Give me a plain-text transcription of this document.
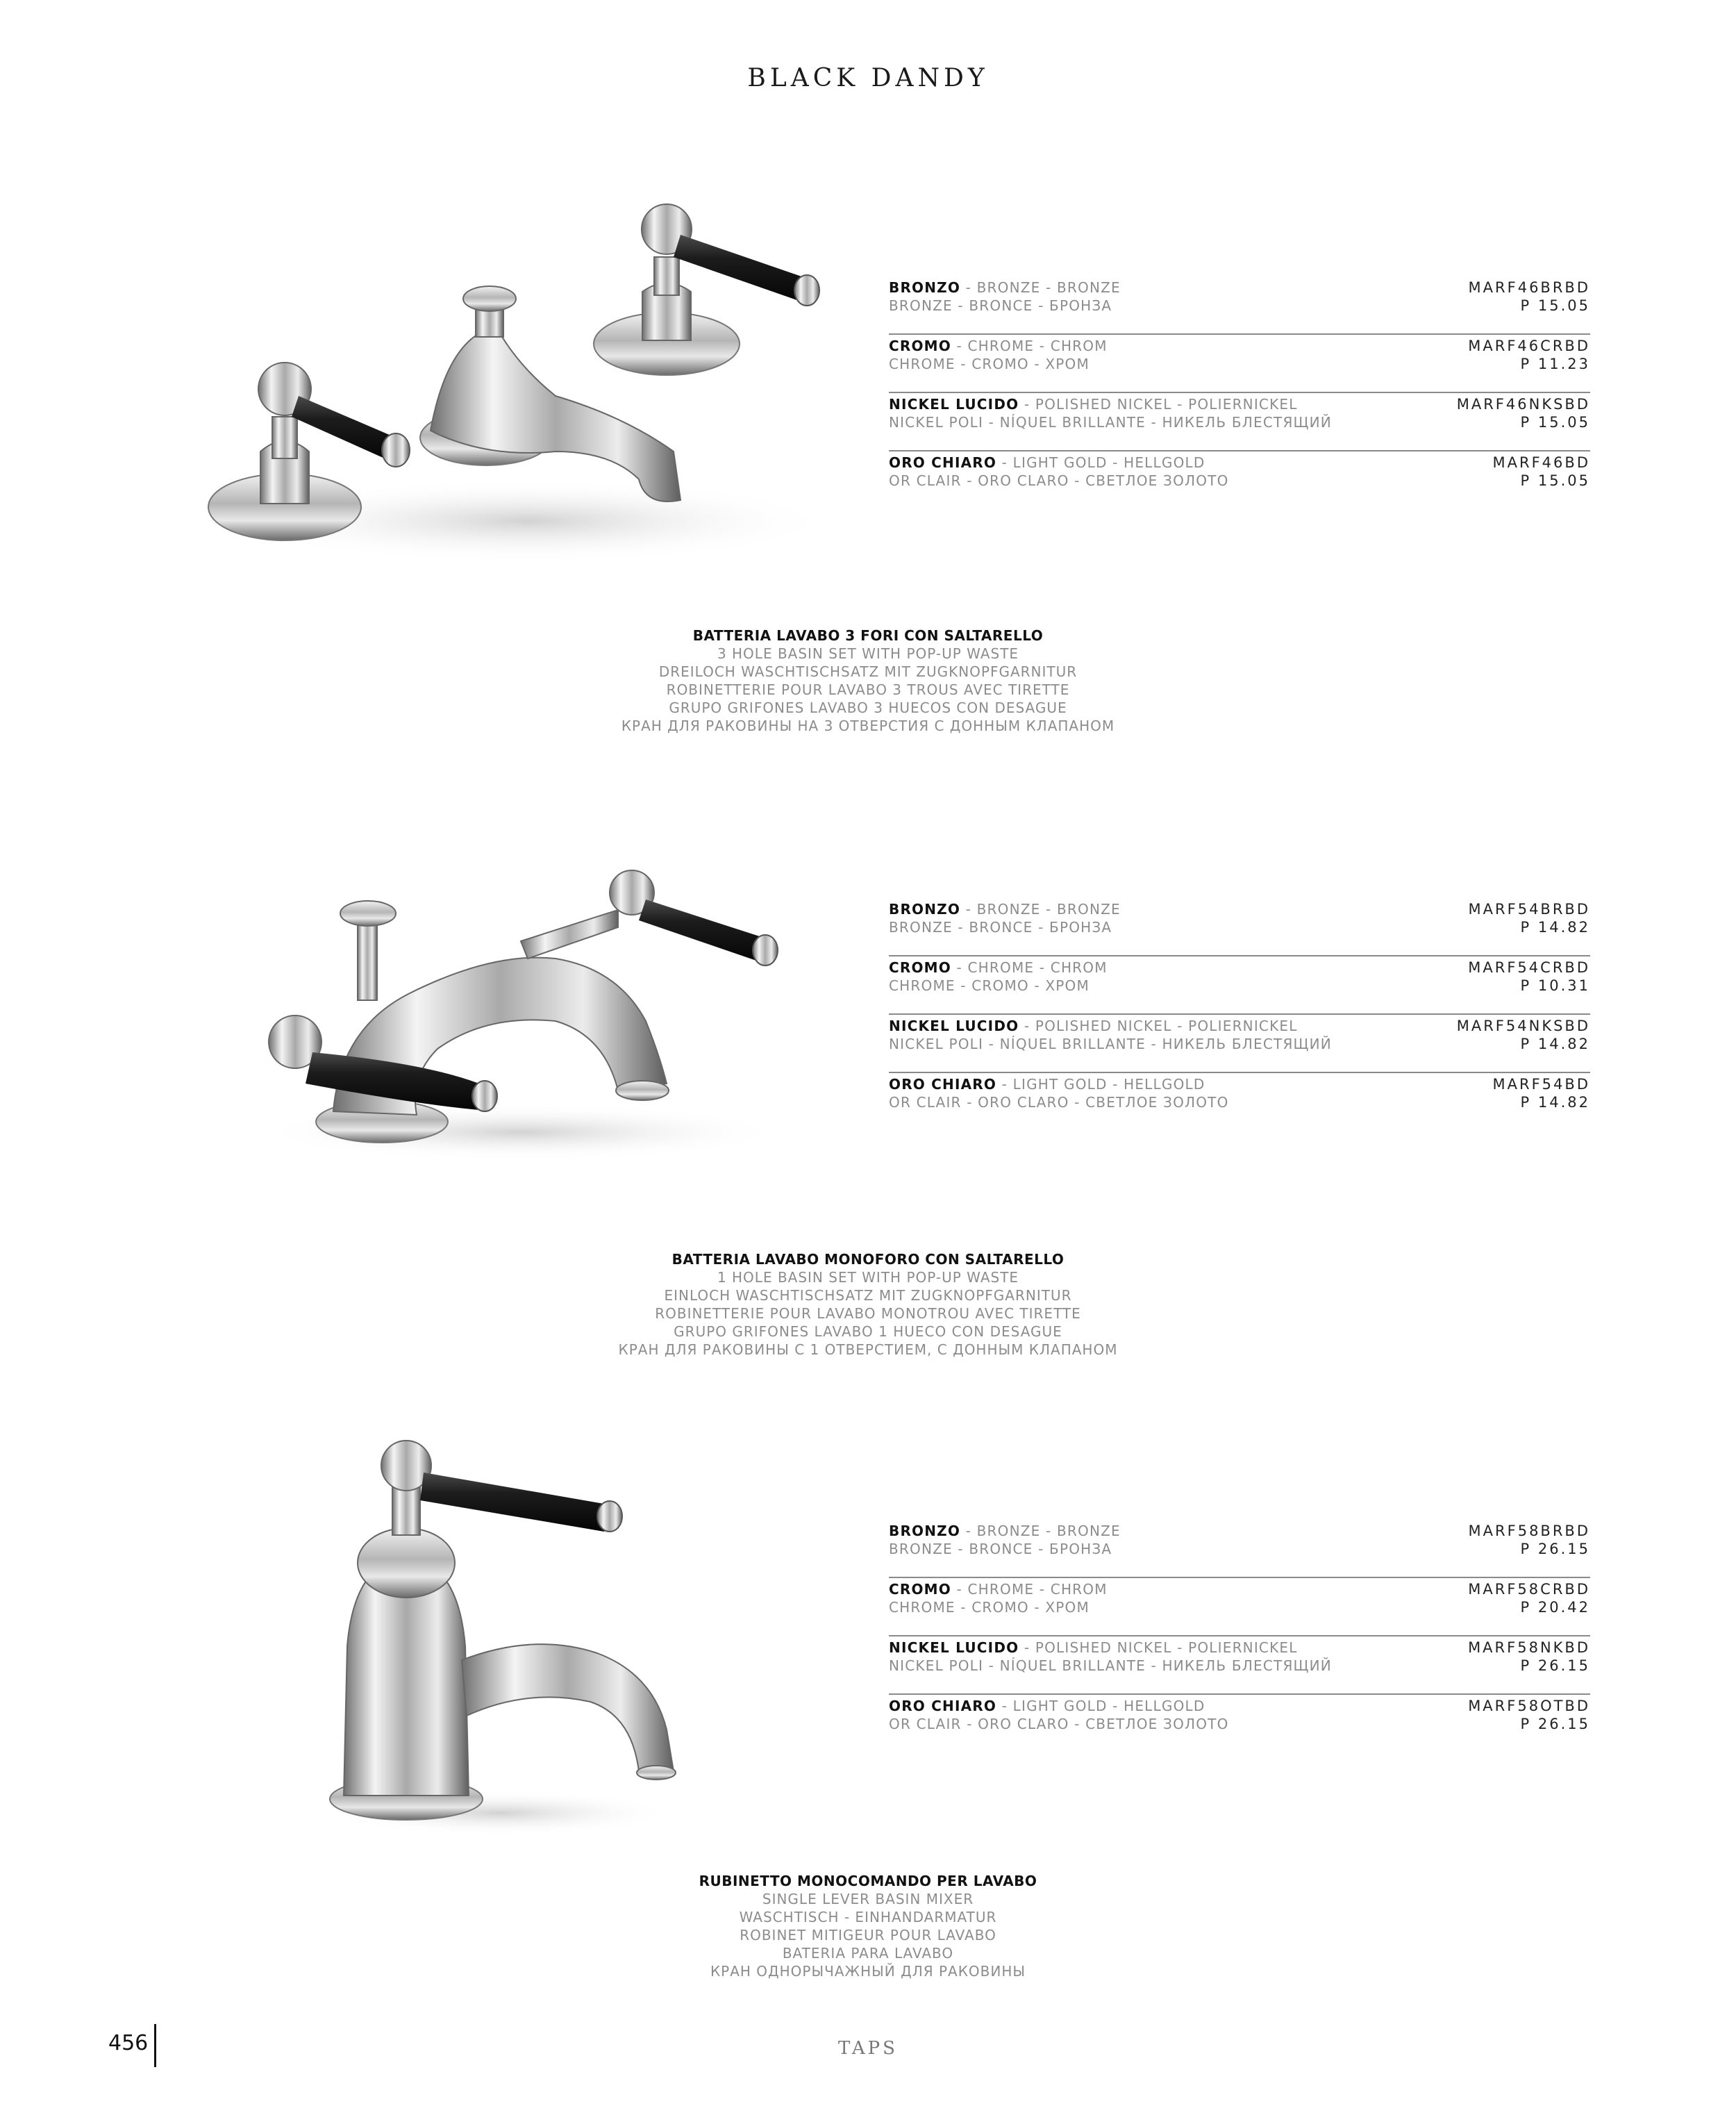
BLACK DANDY
BRONZO - BRONZE - BRONZE
BRONZE - BRONCE - БРОНЗА
MARF46BRBD
P 15.05
CROMO - CHROME - CHROM
CHROME - CROMO - ХРОМ
MARF46CRBD
P 11.23
NICKEL LUCIDO - POLISHED NICKEL - POLIERNICKEL
NICKEL POLI - NÍQUEL BRILLANTE - НИКЕЛЬ БЛЕСТЯЩИЙ
MARF46NKSBD
P 15.05
ORO CHIARO - LIGHT GOLD - HELLGOLD
OR CLAIR - ORO CLARO - СВЕТЛОЕ ЗОЛОТО
MARF46BD
P 15.05
BATTERIA LAVABO 3 FORI CON SALTARELLO
3 HOLE BASIN SET WITH POP-UP WASTE
DREILOCH WASCHTISCHSATZ MIT ZUGKNOPFGARNITUR
ROBINETTERIE POUR LAVABO 3 TROUS AVEC TIRETTE
GRUPO GRIFONES LAVABO 3 HUECOS CON DESAGUE
КРАН ДЛЯ РАКОВИНЫ НА 3 ОТВЕРСТИЯ С ДОННЫМ КЛАПАНОМ
BRONZO - BRONZE - BRONZE
BRONZE - BRONCE - БРОНЗА
MARF54BRBD
P 14.82
CROMO - CHROME - CHROM
CHROME - CROMO - ХРОМ
MARF54CRBD
P 10.31
NICKEL LUCIDO - POLISHED NICKEL - POLIERNICKEL
NICKEL POLI - NÍQUEL BRILLANTE - НИКЕЛЬ БЛЕСТЯЩИЙ
MARF54NKSBD
P 14.82
ORO CHIARO - LIGHT GOLD - HELLGOLD
OR CLAIR - ORO CLARO - СВЕТЛОЕ ЗОЛОТО
MARF54BD
P 14.82
BATTERIA LAVABO MONOFORO CON SALTARELLO
1 HOLE BASIN SET WITH POP-UP WASTE
EINLOCH WASCHTISCHSATZ MIT ZUGKNOPFGARNITUR
ROBINETTERIE POUR LAVABO MONOTROU AVEC TIRETTE
GRUPO GRIFONES LAVABO 1 HUECO CON DESAGUE
КРАН ДЛЯ РАКОВИНЫ С 1 ОТВЕРСТИЕМ, С ДОННЫМ КЛАПАНОМ
BRONZO - BRONZE - BRONZE
BRONZE - BRONCE - БРОНЗА
MARF58BRBD
P 26.15
CROMO - CHROME - CHROM
CHROME - CROMO - ХРОМ
MARF58CRBD
P 20.42
NICKEL LUCIDO - POLISHED NICKEL - POLIERNICKEL
NICKEL POLI - NÍQUEL BRILLANTE - НИКЕЛЬ БЛЕСТЯЩИЙ
MARF58NKBD
P 26.15
ORO CHIARO - LIGHT GOLD - HELLGOLD
OR CLAIR - ORO CLARO - СВЕТЛОЕ ЗОЛОТО
MARF58OTBD
P 26.15
RUBINETTO MONOCOMANDO PER LAVABO
SINGLE LEVER BASIN MIXER
WASCHTISCH - EINHANDARMATUR
ROBINET MITIGEUR POUR LAVABO
BATERIA PARA LAVABO
КРАН ОДНОРЫЧАЖНЫЙ ДЛЯ РАКОВИНЫ
456	TAPS
